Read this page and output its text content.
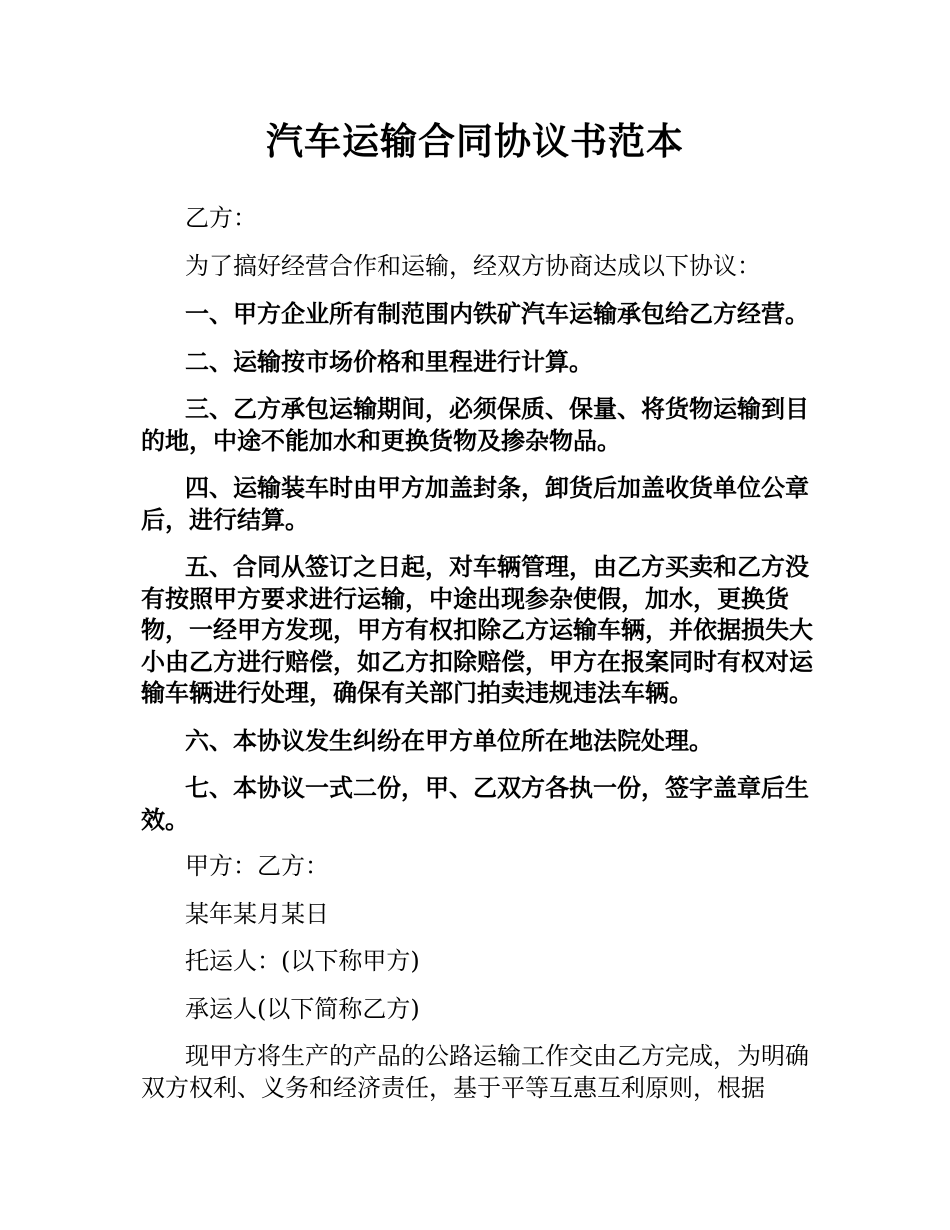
汽车运输合同协议书范本

乙方：

为了搞好经营合作和运输，经双方协商达成以下协议：

一、甲方企业所有制范围内铁矿汽车运输承包给乙方经营。

二、运输按市场价格和里程进行计算。

三、乙方承包运输期间，必须保质、保量、将货物运输到目的地，中途不能加水和更换货物及掺杂物品。

四、运输装车时由甲方加盖封条，卸货后加盖收货单位公章后，进行结算。

五、合同从签订之日起，对车辆管理，由乙方买卖和乙方没有按照甲方要求进行运输，中途出现参杂使假，加水，更换货物，一经甲方发现，甲方有权扣除乙方运输车辆，并依据损失大小由乙方进行赔偿，如乙方扣除赔偿，甲方在报案同时有权对运输车辆进行处理，确保有关部门拍卖违规违法车辆。

六、本协议发生纠纷在甲方单位所在地法院处理。

七、本协议一式二份，甲、乙双方各执一份，签字盖章后生效。

甲方：乙方：

某年某月某日

托运人：(以下称甲方)

承运人(以下简称乙方)

现甲方将生产的产品的公路运输工作交由乙方完成，为明确双方权利、义务和经济责任，基于平等互惠互利原则，根据
